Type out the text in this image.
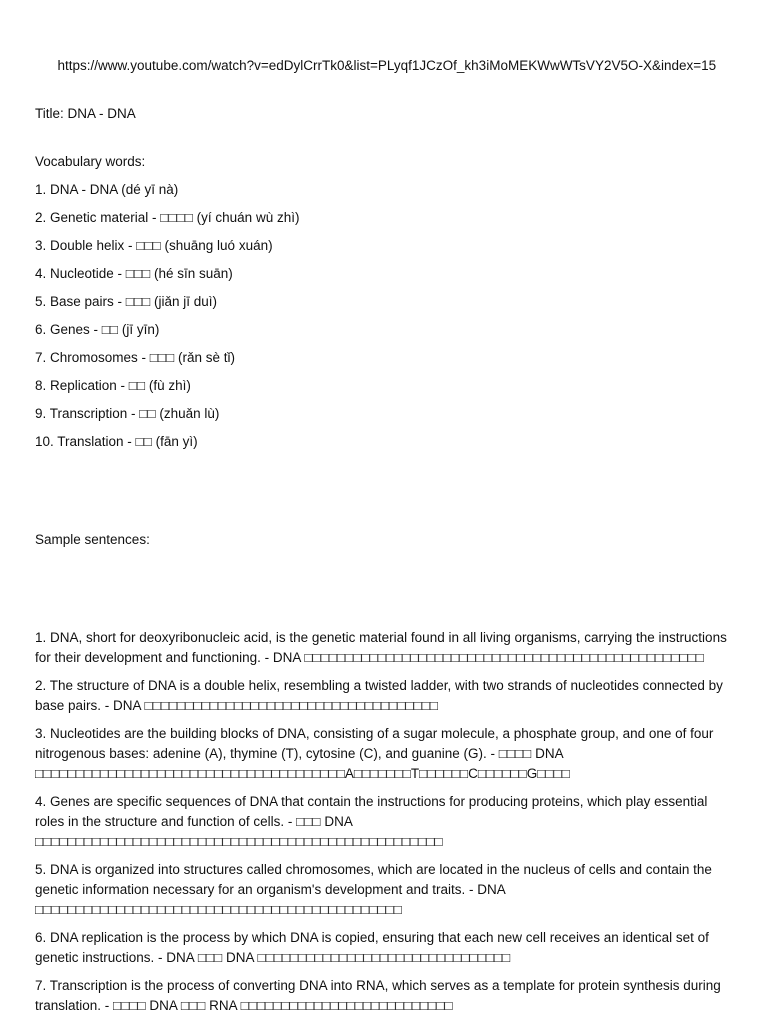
https://www.youtube.com/watch?v=edDylCrrTk0&list=PLyqf1JCzOf_kh3iMoMEKWwWTsVY2V5O-X&index=15

Title: DNA - DNA
Vocabulary words:
1. DNA - DNA (dé yī nà)
2. Genetic material - □□□□ (yí chuán wù zhì)
3. Double helix - □□□ (shuāng luó xuán)
4. Nucleotide - □□□ (hé sīn suān)
5. Base pairs - □□□ (jiǎn jī duì)
6. Genes - □□ (jī yīn)
7. Chromosomes - □□□ (rǎn sè tǐ)
8. Replication - □□ (fù zhì)
9. Transcription - □□ (zhuǎn lù)
10. Translation - □□ (fān yì)
Sample sentences:
1. DNA, short for deoxyribonucleic acid, is the genetic material found in all living organisms, carrying the instructions for their development and functioning. - DNA □□□□□□□□□□□□□□□□□□□□□□□□□□□□□□□□□□□□□□□□□□□□□□□□□
2. The structure of DNA is a double helix, resembling a twisted ladder, with two strands of nucleotides connected by base pairs. - DNA □□□□□□□□□□□□□□□□□□□□□□□□□□□□□□□□□□□□
3. Nucleotides are the building blocks of DNA, consisting of a sugar molecule, a phosphate group, and one of four nitrogenous bases: adenine (A), thymine (T), cytosine (C), and guanine (G). - □□□□ DNA □□□□□□□□□□□□□□□□□□□□□□□□□□□□□□□□□□□□□□A□□□□□□□T□□□□□□C□□□□□□G□□□□
4. Genes are specific sequences of DNA that contain the instructions for producing proteins, which play essential roles in the structure and function of cells. - □□□ DNA □□□□□□□□□□□□□□□□□□□□□□□□□□□□□□□□□□□□□□□□□□□□□□□□□□
5. DNA is organized into structures called chromosomes, which are located in the nucleus of cells and contain the genetic information necessary for an organism's development and traits. - DNA □□□□□□□□□□□□□□□□□□□□□□□□□□□□□□□□□□□□□□□□□□□□□
6. DNA replication is the process by which DNA is copied, ensuring that each new cell receives an identical set of genetic instructions. - DNA □□□ DNA □□□□□□□□□□□□□□□□□□□□□□□□□□□□□□□
7. Transcription is the process of converting DNA into RNA, which serves as a template for protein synthesis during translation. - □□□□ DNA □□□ RNA □□□□□□□□□□□□□□□□□□□□□□□□□□
